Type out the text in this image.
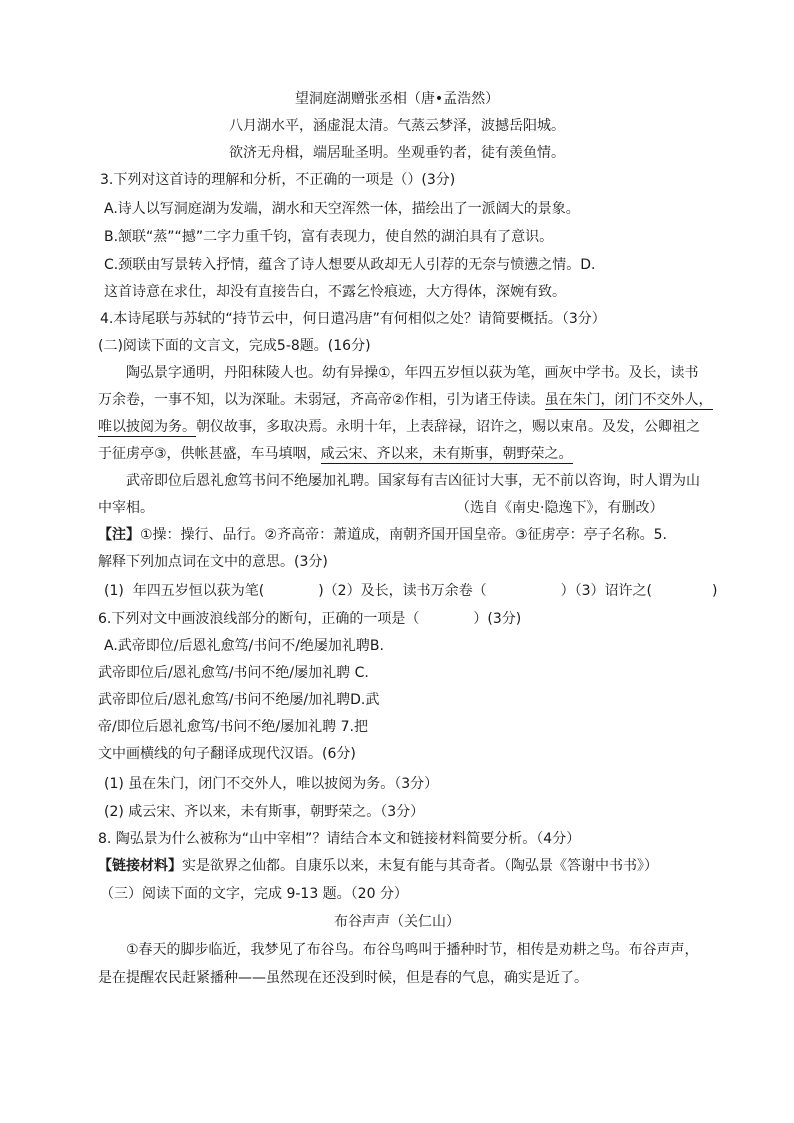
望洞庭湖赠张丞相（唐•孟浩然）
八月湖水平，涵虚混太清。气蒸云梦泽，波撼岳阳城。
欲济无舟楫，端居耻圣明。坐观垂钓者，徒有羡鱼情。
3.下列对这首诗的理解和分析，不正确的一项是（）(3分)
A.诗人以写洞庭湖为发端，湖水和天空浑然一体，描绘出了一派阔大的景象。
B.颔联“蒸”“撼”二字力重千钧，富有表现力，使自然的湖泊具有了意识。
C.颈联由写景转入抒情，蕴含了诗人想要从政却无人引荐的无奈与愤懑之情。D.
这首诗意在求仕，却没有直接告白，不露乞怜痕迹，大方得体，深婉有致。
4.本诗尾联与苏轼的“持节云中，何日遣冯唐”有何相似之处？请简要概括。（3分）
(二)阅读下面的文言文，完成5-8题。(16分)
陶弘景字通明，丹阳秣陵人也。幼有异操①，年四五岁恒以荻为笔，画灰中学书。及长，读书
万余卷，一事不知，以为深耻。未弱冠，齐高帝②作相，引为诸王侍读。虽在朱门，闭门不交外人，
唯以披阅为务。朝仪故事，多取决焉。永明十年，上表辞禄，诏许之，赐以束帛。及发，公卿祖之
于征虏亭③，供帐甚盛，车马填咽，咸云宋、齐以来，未有斯事，朝野荣之。
武帝即位后恩礼愈笃书问不绝屡加礼聘。国家每有吉凶征讨大事，无不前以咨询，时人谓为山
中宰相。	（选自《南史·隐逸下》，有删改）
【注】①操：操行、品行。②齐高帝：萧道成，南朝齐国开国皇帝。③征虏亭：亭子名称。5.
解释下列加点词在文中的意思。(3分)
(1)  年四五岁恒以荻为笔(	)（2）及长，读书万余卷（	）（3）诏许之(	)
6.下列对文中画波浪线部分的断句，正确的一项是（	）(3分)
A.武帝即位/后恩礼愈笃/书问不/绝屡加礼聘B.
武帝即位后/恩礼愈笃/书问不绝/屡加礼聘 C.
武帝即位后/恩礼愈笃/书问不绝屡/加礼聘D.武
帝/即位后恩礼愈笃/书问不绝/屡加礼聘 7.把
文中画横线的句子翻译成现代汉语。(6分)
(1) 虽在朱门，闭门不交外人，唯以披阅为务。（3分）
(2) 咸云宋、齐以来，未有斯事，朝野荣之。（3分）
8. 陶弘景为什么被称为“山中宰相”？请结合本文和链接材料简要分析。（4分）
【链接材料】实是欲界之仙都。自康乐以来，未复有能与其奇者。（陶弘景《答谢中书书》）
（三）阅读下面的文字，完成 9-13 题。（20 分）
布谷声声（关仁山）
①春天的脚步临近，我梦见了布谷鸟。布谷鸟鸣叫于播种时节，相传是劝耕之鸟。布谷声声，
是在提醒农民赶紧播种——虽然现在还没到时候，但是春的气息，确实是近了。
